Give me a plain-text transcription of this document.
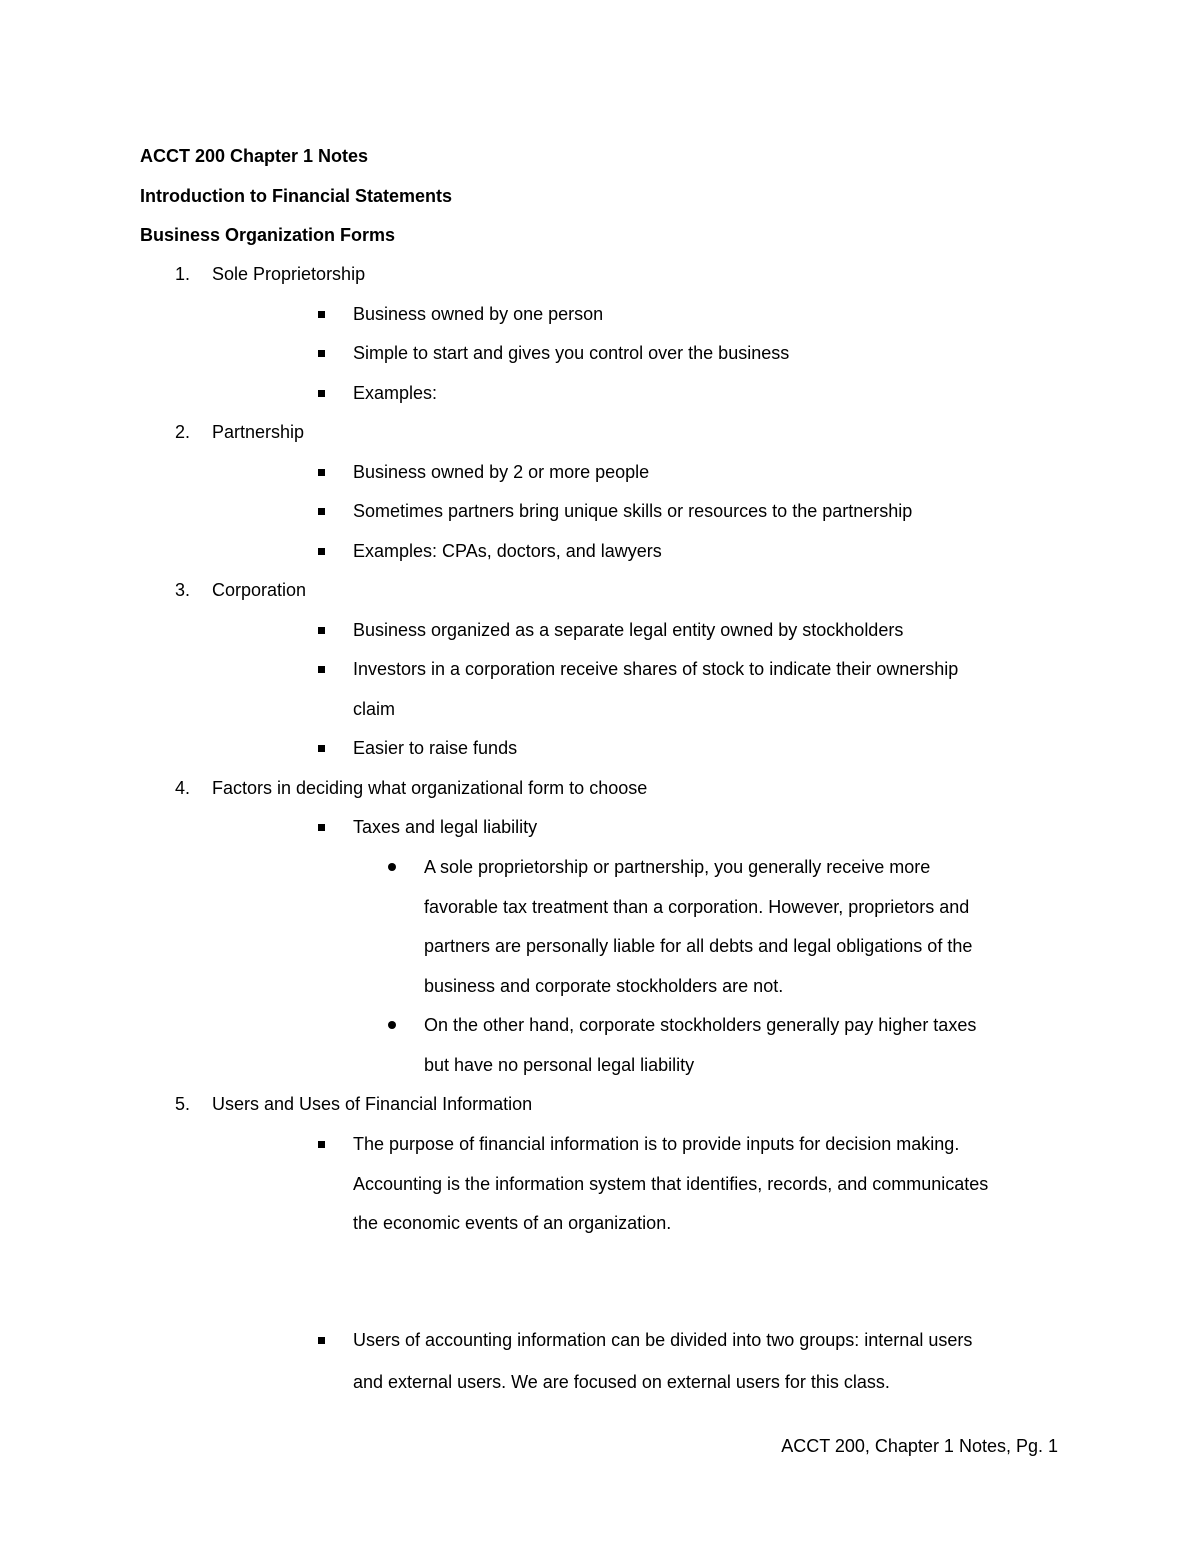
ACCT 200 Chapter 1 Notes
Introduction to Financial Statements
Business Organization Forms
1.	Sole Proprietorship
Business owned by one person
Simple to start and gives you control over the business
Examples:
2.	Partnership
Business owned by 2 or more people
Sometimes partners bring unique skills or resources to the partnership
Examples: CPAs, doctors, and lawyers
3.	Corporation
Business organized as a separate legal entity owned by stockholders
Investors in a corporation receive shares of stock to indicate their ownership
claim
Easier to raise funds
4.	Factors in deciding what organizational form to choose
Taxes and legal liability
A sole proprietorship or partnership, you generally receive more
favorable tax treatment than a corporation. However, proprietors and
partners are personally liable for all debts and legal obligations of the
business and corporate stockholders are not.
On the other hand, corporate stockholders generally pay higher taxes
but have no personal legal liability
5.	Users and Uses of Financial Information
The purpose of financial information is to provide inputs for decision making.
Accounting is the information system that identifies, records, and communicates
the economic events of an organization.
Users of accounting information can be divided into two groups: internal users
and external users. We are focused on external users for this class.
ACCT 200, Chapter 1 Notes, Pg. 1
